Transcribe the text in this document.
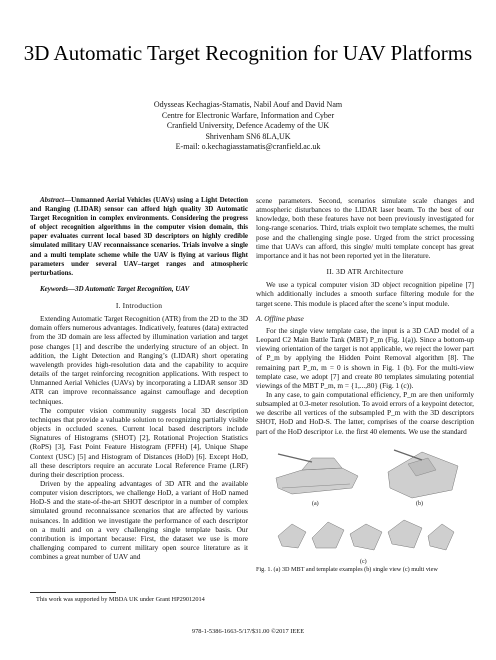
3D Automatic Target Recognition for UAV Platforms
Odysseas Kechagias-Stamatis, Nabil Aouf and David Nam
Centre for Electronic Warfare, Information and Cyber
Cranfield University, Defence Academy of the UK
Shrivenham SN6 8LA,UK
E-mail: o.kechagiasstamatis@cranfield.ac.uk

Abstract—Unmanned Aerial Vehicles (UAVs) using a Light Detection and Ranging (LIDAR) sensor can afford high quality 3D Automatic Target Recognition in complex environments. Considering the progress of object recognition algorithms in the computer vision domain, this paper evaluates current local based 3D descriptors on highly credible simulated military UAV reconnaissance scenarios. Trials involve a single and a multi template scheme while the UAV is flying at various flight parameters under several UAV–target ranges and atmospheric perturbations.

Keywords—3D Automatic Target Recognition, UAV

I. Introduction

Extending Automatic Target Recognition (ATR) from the 2D to the 3D domain offers numerous advantages. Indicatively, features (data) extracted from the 3D domain are less affected by illumination variation and target pose changes [1] and describe the underlying structure of an object. In addition, the Light Detection and Ranging’s (LIDAR) short operating wavelength provides high-resolution data and the capability to acquire details of the target reinforcing recognition applications. With respect to Unmanned Aerial Vehicles (UAVs) by incorporating a LIDAR sensor 3D ATR can improve reconnaissance against camouflage and deception techniques.

The computer vision community suggests local 3D description techniques that provide a valuable solution to recognizing partially visible objects in occluded scenes. Current local based descriptors include Signatures of Histograms (SHOT) [2], Rotational Projection Statistics (RoPS) [3], Fast Point Feature Histogram (FPFH) [4], Unique Shape Context (USC) [5] and Histogram of Distances (HoD) [6]. Except HoD, all these descriptors require an accurate Local Reference Frame (LRF) during their description process.

Driven by the appealing advantages of 3D ATR and the available computer vision descriptors, we challenge HoD, a variant of HoD named HoD-S and the state-of-the-art SHOT descriptor in a number of complex simulated ground reconnaissance scenarios that are affected by various nuisances. In addition we investigate the performance of each descriptor on a multi and on a very challenging single template basis. Our contribution is important because: First, the dataset we use is more challenging compared to current military open source literature as it combines a great number of UAV and

scene parameters. Second, scenarios simulate scale changes and atmospheric disturbances to the LIDAR laser beam. To the best of our knowledge, both these features have not been previously investigated for long-range scenarios. Third, trials exploit two template schemes, the multi pose and the challenging single pose. Urged from the strict processing time that UAVs can afford, this single/ multi template concept has great importance and it has not been reported yet in the literature.

II. 3D ATR Architecture

We use a typical computer vision 3D object recognition pipeline [7] which additionally includes a smooth surface filtering module for the target scene. This module is placed after the scene’s input module.

A. Offline phase

For the single view template case, the input is a 3D CAD model of a Leopard C2 Main Battle Tank (MBT) P_m (Fig. 1(a)). Since a bottom-up viewing orientation of the target is not applicable, we reject the lower part of P_m by applying the Hidden Point Removal algorithm [8]. The remaining part P_m, m = 0 is shown in Fig. 1 (b). For the multi-view template case, we adopt [7] and create 80 templates simulating potential viewings of the MBT P_m, m = {1,...,80} (Fig. 1 (c)).

In any case, to gain computational efficiency, P_m are then uniformly subsampled at 0.3-meter resolution. To avoid errors of a keypoint detector, we describe all vertices of the subsampled P_m with the 3D descriptors SHOT, HoD and HoD-S. The latter, comprises of the coarse description part of the HoD descriptor i.e. the first 40 elements. We use the standard

(a)	(b)
(c)

Fig. 1. (a) 3D MBT and template examples (b) single view (c) multi view

This work was supported by MBDA UK under Grant HP29012014
978-1-5386-1663-5/17/$31.00 ©2017 IEEE
